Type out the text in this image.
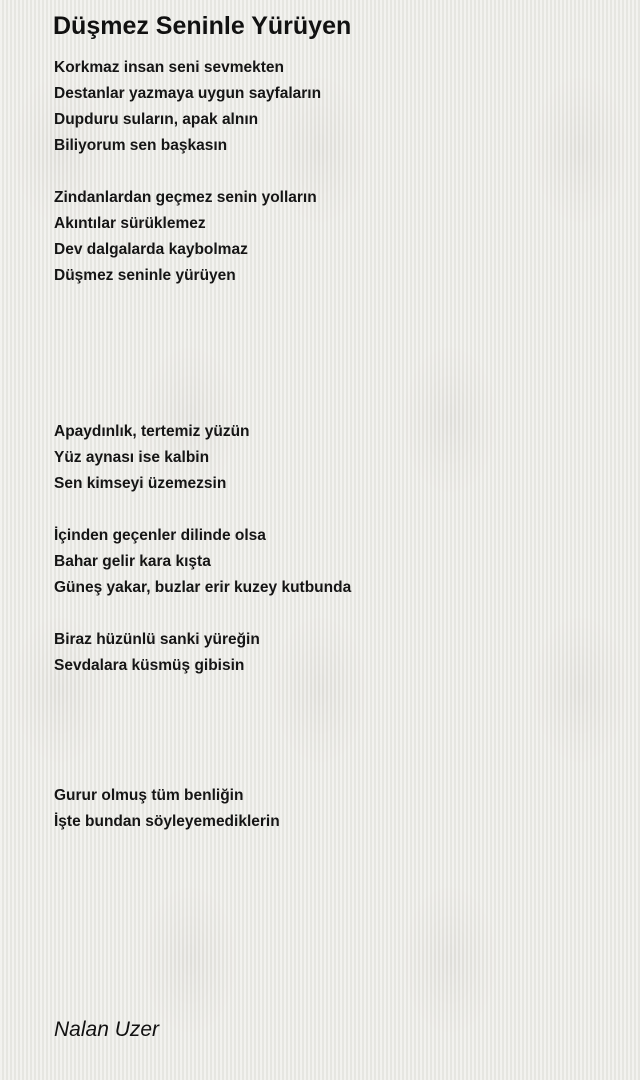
Düşmez Seninle Yürüyen
Korkmaz insan seni sevmekten
Destanlar yazmaya uygun sayfaların
Dupduru suların, apak alnın
Biliyorum sen başkasın
Zindanlardan geçmez senin yolların
Akıntılar sürüklemez
Dev dalgalarda kaybolmaz
Düşmez seninle yürüyen
Apaydınlık, tertemiz yüzün
Yüz aynası ise kalbin
Sen kimseyi üzemezsin
İçinden geçenler dilinde olsa
Bahar gelir kara kışta
Güneş yakar, buzlar erir kuzey kutbunda
Biraz hüzünlü sanki yüreğin
Sevdalara küsmüş gibisin
Gurur olmuş tüm benliğin
İşte bundan söyleyemediklerin
Nalan Uzer
